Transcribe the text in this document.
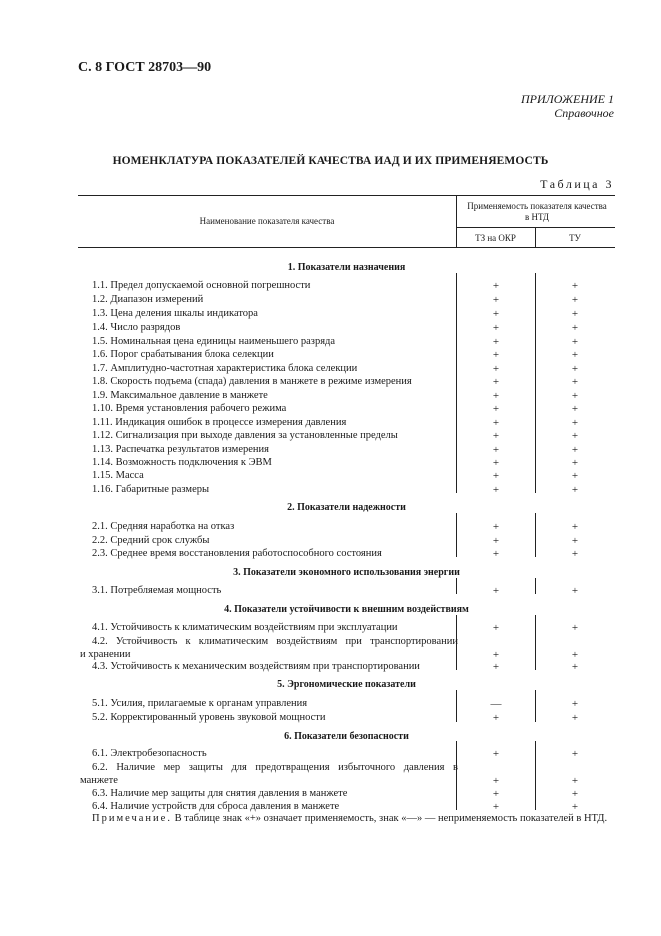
С. 8 ГОСТ 28703—90
ПРИЛОЖЕНИЕ 1
Справочное
НОМЕНКЛАТУРА ПОКАЗАТЕЛЕЙ КАЧЕСТВА ИАД И ИХ ПРИМЕНЯЕМОСТЬ
Таблица 3
Наименование показателя качества
Применяемость показателя качества в НТД
ТЗ на ОКР	ТУ
1. Показатели назначения
1.1. Предел допускаемой основной погрешности	+	+
1.2. Диапазон измерений	+	+
1.3. Цена деления шкалы индикатора	+	+
1.4. Число разрядов	+	+
1.5. Номинальная цена единицы наименьшего разряда	+	+
1.6. Порог срабатывания блока селекции	+	+
1.7. Амплитудно-частотная характеристика блока селекции	+	+
1.8. Скорость подъема (спада) давления в манжете в режиме измерения	+	+
1.9. Максимальное давление в манжете	+	+
1.10. Время установления рабочего режима	+	+
1.11. Индикация ошибок в процессе измерения давления	+	+
1.12. Сигнализация при выходе давления за установленные пределы	+	+
1.13. Распечатка результатов измерения	+	+
1.14. Возможность подключения к ЭВМ	+	+
1.15. Масса	+	+
1.16. Габаритные размеры	+	+
2. Показатели надежности
2.1. Средняя наработка на отказ	+	+
2.2. Средний срок службы	+	+
2.3. Среднее время восстановления работоспособного состояния	+	+
3. Показатели экономного использования энергии
3.1. Потребляемая мощность	+	+
4. Показатели устойчивости к внешним воздействиям
4.1. Устойчивость к климатическим воздействиям при эксплуатации	+	+
4.2. Устойчивость к климатическим воздействиям при транспортировании
и хранении	+	+
4.3. Устойчивость к механическим воздействиям при транспортировании	+	+
5. Эргономические показатели
5.1. Усилия, прилагаемые к органам управления	—	+
5.2. Корректированный уровень звуковой мощности	+	+
6. Показатели безопасности
6.1. Электробезопасность	+	+
6.2. Наличие мер защиты для предотвращения избыточного давления в
манжете	+	+
6.3. Наличие мер защиты для снятия давления в манжете	+	+
6.4. Наличие устройств для сброса давления в манжете	+	+
Примечание. В таблице знак «+» означает применяемость, знак «—» — неприменяемость показателей в НТД.
